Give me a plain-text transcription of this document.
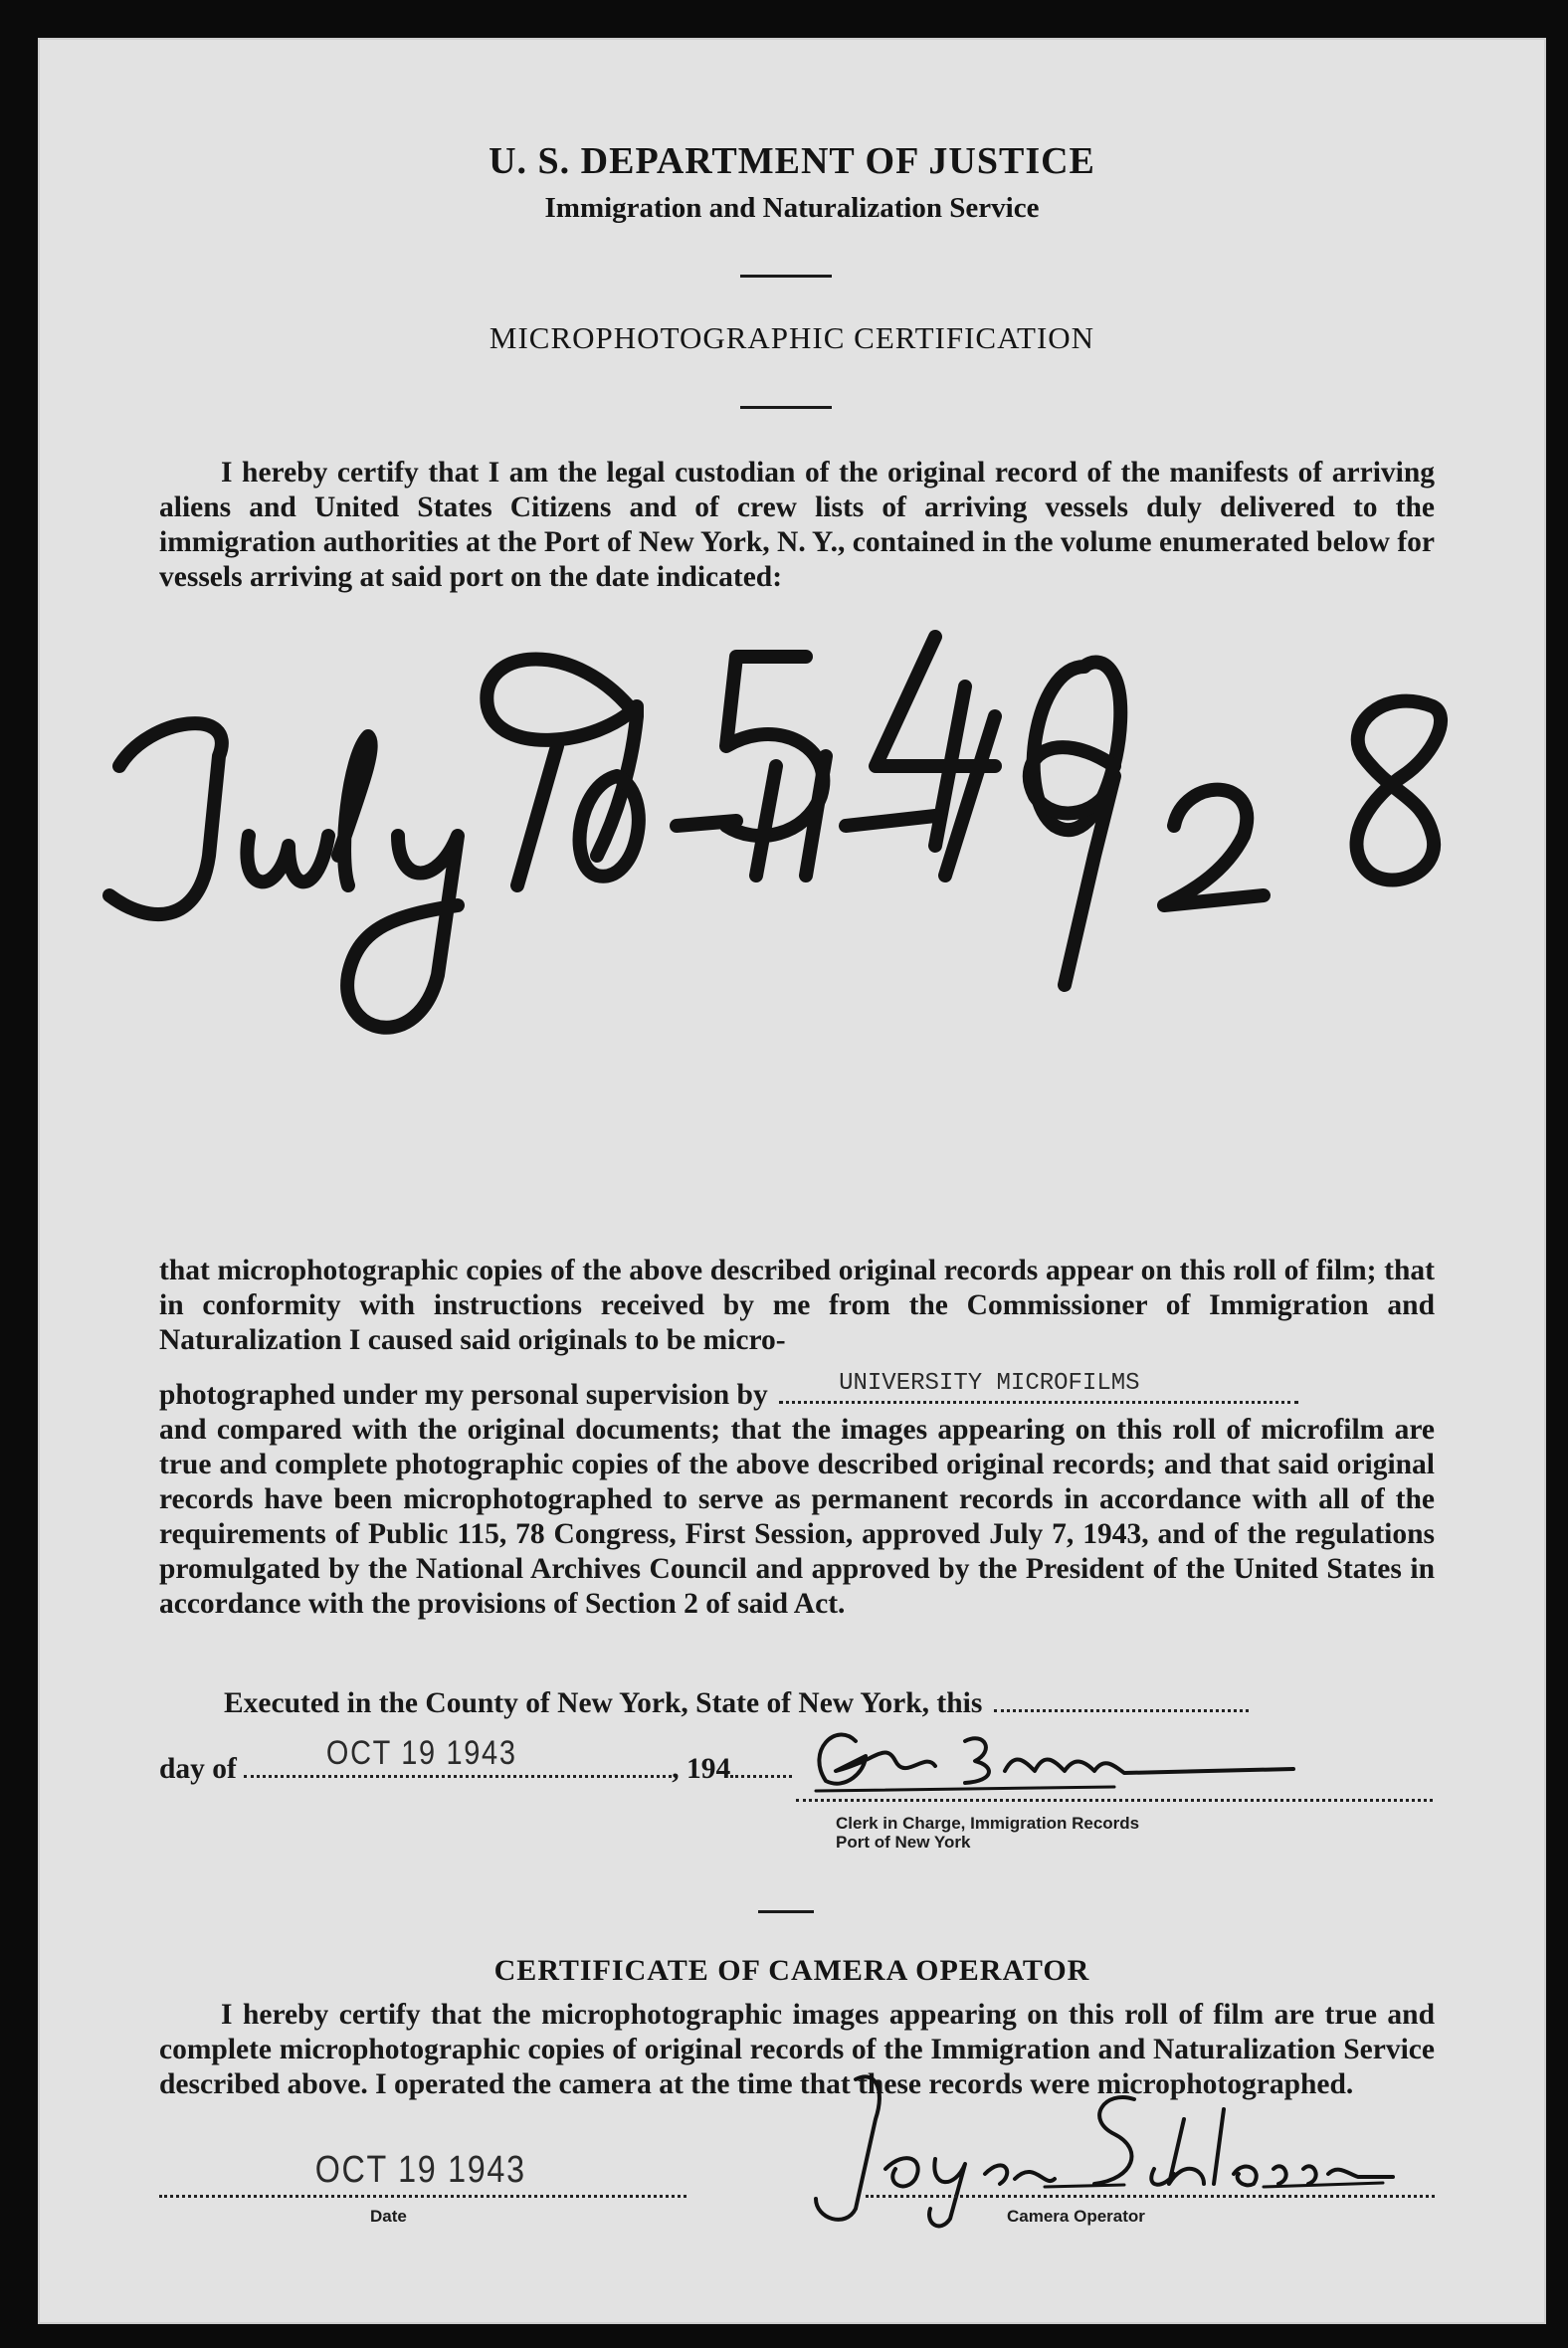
U. S. DEPARTMENT OF JUSTICE
Immigration and Naturalization Service
MICROPHOTOGRAPHIC CERTIFICATION
I hereby certify that I am the legal custodian of the original record of the manifests of arriving aliens and United States Citizens and of crew lists of arriving vessels duly delivered to the immigration authorities at the Port of New York, N. Y., contained in the volume enumerated below for vessels arriving at said port on the date indicated:
that microphotographic copies of the above described original records appear on this roll of film; that in conformity with instructions received by me from the Commissioner of Immigration and Naturalization I caused said originals to be micro-
photographed under my personal supervision by	UNIVERSITY MICROFILMS
and compared with the original documents; that the images appearing on this roll of microfilm are true and complete photographic copies of the above described original records; and that said original records have been microphotographed to serve as permanent records in accordance with all of the requirements of Public 115, 78 Congress, First Session, approved July 7, 1943, and of the regulations promulgated by the National Archives Council and approved by the President of the United States in accordance with the provisions of Section 2 of said Act.
Executed in the County of New York, State of New York, this
day of	OCT 19 1943	, 194
Clerk in Charge, Immigration Records
Port of New York
CERTIFICATE OF CAMERA OPERATOR
I hereby certify that the microphotographic images appearing on this roll of film are true and complete microphotographic copies of original records of the Immigration and Naturalization Service described above. I operated the camera at the time that these records were microphotographed.
OCT 19 1943
Date	Camera Operator
